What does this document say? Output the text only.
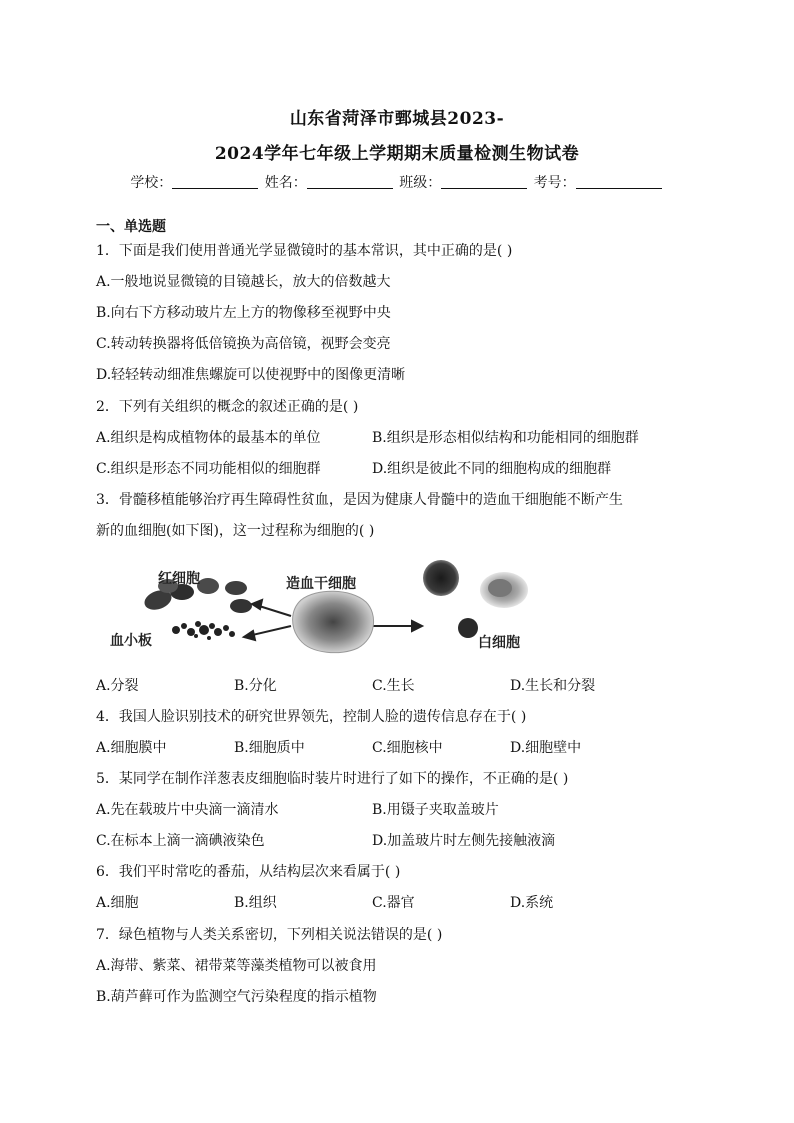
山东省菏泽市鄄城县2023-
2024学年七年级上学期期末质量检测生物试卷
学校：	姓名：	班级：	考号：
一、单选题
1．下面是我们使用普通光学显微镜时的基本常识，其中正确的是( )
A.一般地说显微镜的目镜越长，放大的倍数越大
B.向右下方移动玻片左上方的物像移至视野中央
C.转动转换器将低倍镜换为高倍镜，视野会变亮
D.轻轻转动细准焦螺旋可以使视野中的图像更清晰
2．下列有关组织的概念的叙述正确的是( )
A.组织是构成植物体的最基本的单位	B.组织是形态相似结构和功能相同的细胞群
C.组织是形态不同功能相似的细胞群	D.组织是彼此不同的细胞构成的细胞群
3．骨髓移植能够治疗再生障碍性贫血，是因为健康人骨髓中的造血干细胞能不断产生
新的血细胞(如下图)，这一过程称为细胞的( )
红细胞	造血干细胞
血小板	白细胞
A.分裂	B.分化	C.生长	D.生长和分裂
4．我国人脸识别技术的研究世界领先，控制人脸的遗传信息存在于( )
A.细胞膜中	B.细胞质中	C.细胞核中	D.细胞壁中
5．某同学在制作洋葱表皮细胞临时装片时进行了如下的操作，不正确的是( )
A.先在载玻片中央滴一滴清水	B.用镊子夹取盖玻片
C.在标本上滴一滴碘液染色	D.加盖玻片时左侧先接触液滴
6．我们平时常吃的番茄，从结构层次来看属于( )
A.细胞	B.组织	C.器官	D.系统
7．绿色植物与人类关系密切，下列相关说法错误的是( )
A.海带、紫菜、裙带菜等藻类植物可以被食用
B.葫芦藓可作为监测空气污染程度的指示植物
